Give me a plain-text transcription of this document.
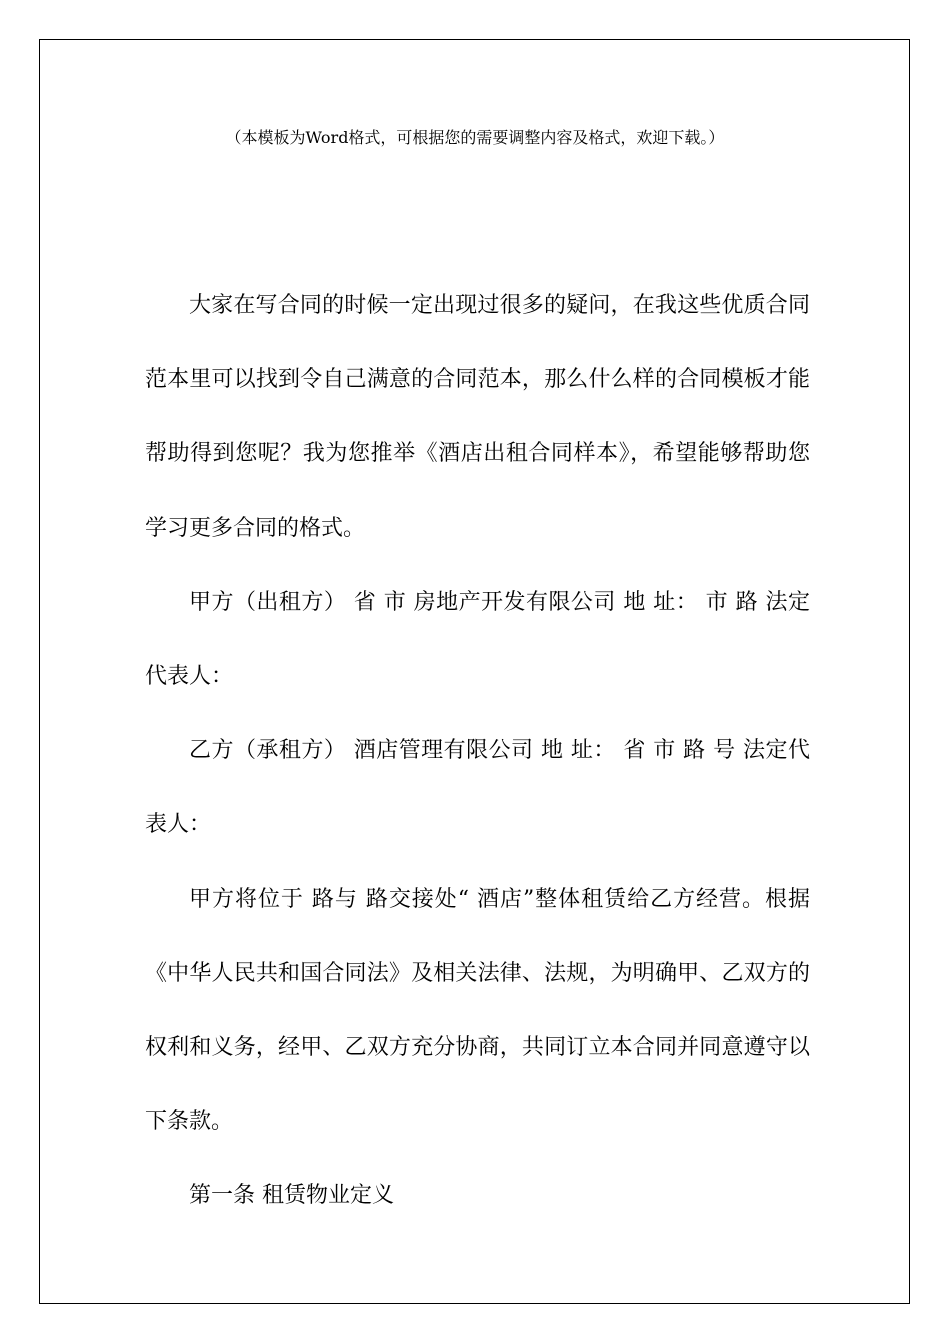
（本模板为Word格式，可根据您的需要调整内容及格式，欢迎下载。）

大家在写合同的时候一定出现过很多的疑问，在我这些优质合同范本里可以找到令自己满意的合同范本，那么什么样的合同模板才能帮助得到您呢？我为您推举《酒店出租合同样本》，希望能够帮助您学习更多合同的格式。

甲方（出租方） 省 市 房地产开发有限公司 地 址： 市 路 法定代表人：

乙方（承租方） 酒店管理有限公司 地 址： 省 市 路 号 法定代表人：

甲方将位于 路与 路交接处“ 酒店”整体租赁给乙方经营。根据《中华人民共和国合同法》及相关法律、法规，为明确甲、乙双方的权利和义务，经甲、乙双方充分协商，共同订立本合同并同意遵守以下条款。

第一条 租赁物业定义
